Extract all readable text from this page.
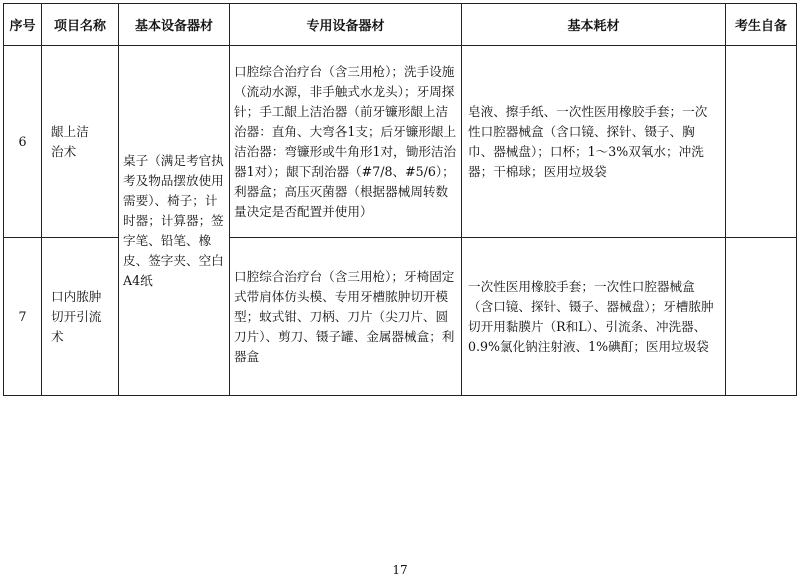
序号	项目名称	基本设备器材	专用设备器材	基本耗材	考生自备
6	龈上洁治术	桌子（满足考官执考及物品摆放使用需要）、椅子；计时器；计算器；签字笔、铅笔、橡皮、签字夹、空白A4纸	口腔综合治疗台（含三用枪）；洗手设施（流动水源，非手触式水龙头）；牙周探针；手工龈上洁治器（前牙镰形龈上洁治器：直角、大弯各1支；后牙镰形龈上洁治器：弯镰形或牛角形1对，锄形洁治器1对）；龈下刮治器（#7/8、#5/6）；利器盒；高压灭菌器（根据器械周转数量决定是否配置并使用）	皂液、擦手纸、一次性医用橡胶手套；一次性口腔器械盒（含口镜、探针、镊子、胸巾、器械盘）；口杯；1～3%双氧水；冲洗器；干棉球；医用垃圾袋	
7	口内脓肿切开引流术		口腔综合治疗台（含三用枪）；牙椅固定式带肩体仿头模、专用牙槽脓肿切开模型；蚊式钳、刀柄、刀片（尖刀片、圆刀片）、剪刀、镊子罐、金属器械盒；利器盒	一次性医用橡胶手套；一次性口腔器械盒（含口镜、探针、镊子、器械盘）；牙槽脓肿切开用黏膜片（R和L）、引流条、冲洗器、0.9%氯化钠注射液、1%碘酊；医用垃圾袋	
17
